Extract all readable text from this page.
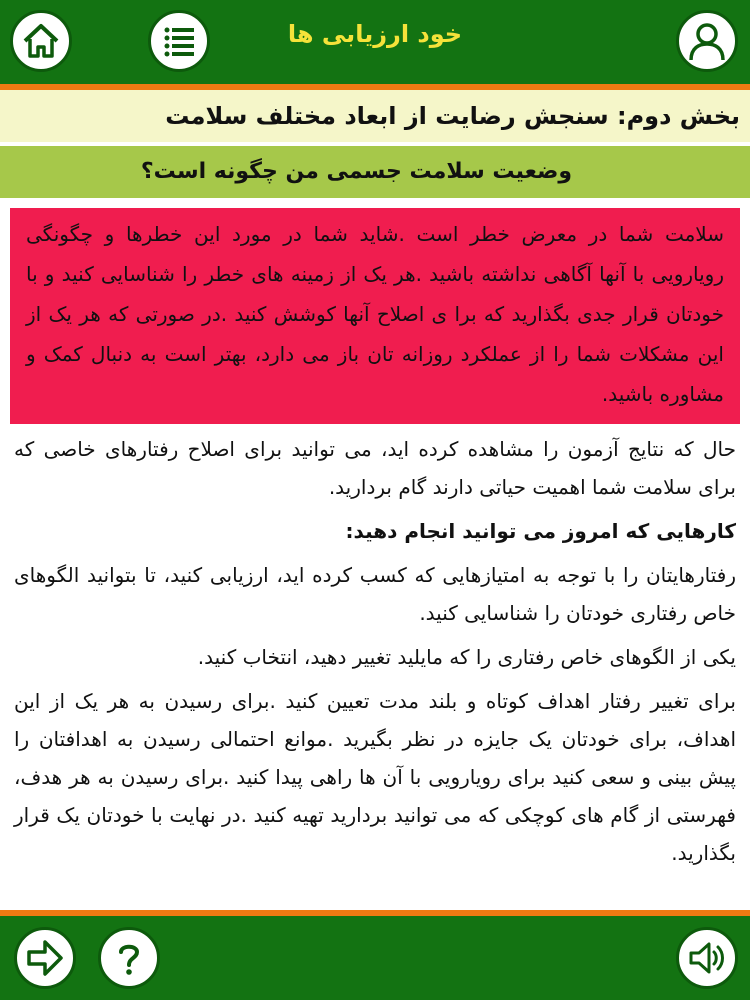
خود ارزیابی ها
بخش دوم: سنجش رضایت از ابعاد مختلف سلامت
وضعیت سلامت جسمی من چگونه است؟
سلامت شما در معرض خطر است .شاید شما در مورد این خطرها و چگونگی رویارویی با آنها آگاهی نداشته باشید .هر یک از زمینه های خطر را شناسایی کنید و با خودتان قرار جدی بگذارید که برا ی اصلاح آنها کوشش کنید .در صورتی که هر یک از این مشکلات شما را از عملکرد روزانه تان باز می دارد، بهتر است به دنبال کمک و مشاوره باشید.

حال که نتایج آزمون را مشاهده کرده اید، می توانید برای اصلاح رفتارهای خاصی که برای سلامت شما اهمیت حیاتی دارند گام بردارید.

کارهایی که امروز می توانید انجام دهید:

رفتارهایتان را با توجه به امتیازهایی که کسب کرده اید، ارزیابی کنید، تا بتوانید الگوهای خاص رفتاری خودتان را شناسایی کنید.

یکی از الگوهای خاص رفتاری را که مایلید تغییر دهید، انتخاب کنید.

برای تغییر رفتار اهداف کوتاه و بلند مدت تعیین کنید .برای رسیدن به هر یک از این اهداف، برای خودتان یک جایزه در نظر بگیرید .موانع احتمالی رسیدن به اهدافتان را پیش بینی و سعی کنید برای رویارویی با آن ها راهی پیدا کنید .برای رسیدن به هر هدف، فهرستی از گام های کوچکی که می توانید بردارید تهیه کنید .در نهایت با خودتان یک قرار بگذارید.
